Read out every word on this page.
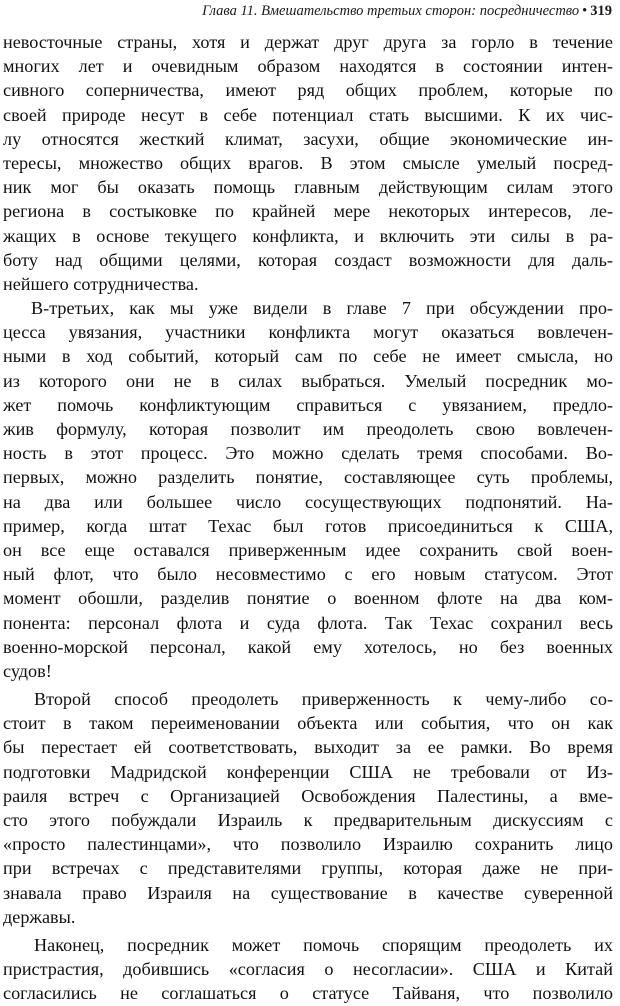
Глава 11. Вмешательство третьих сторон: посредничество • 319
невосточные страны, хотя и держат друг друга за горло в течение
многих лет и очевидным образом находятся в состоянии интен-
сивного соперничества, имеют ряд общих проблем, которые по
своей природе несут в себе потенциал стать высшими. К их чис-
лу относятся жесткий климат, засухи, общие экономические ин-
тересы, множество общих врагов. В этом смысле умелый посред-
ник мог бы оказать помощь главным действующим силам этого
региона в состыковке по крайней мере некоторых интересов, ле-
жащих в основе текущего конфликта, и включить эти силы в ра-
боту над общими целями, которая создаст возможности для даль-
нейшего сотрудничества.
В-третьих, как мы уже видели в главе 7 при обсуждении про-
цесса увязания, участники конфликта могут оказаться вовлечен-
ными в ход событий, который сам по себе не имеет смысла, но
из которого они не в силах выбраться. Умелый посредник мо-
жет помочь конфликтующим справиться с увязанием, предло-
жив формулу, которая позволит им преодолеть свою вовлечен-
ность в этот процесс. Это можно сделать тремя способами. Во-
первых, можно разделить понятие, составляющее суть проблемы,
на два или большее число сосуществующих подпонятий. На-
пример, когда штат Техас был готов присоединиться к США,
он все еще оставался приверженным идее сохранить свой воен-
ный флот, что было несовместимо с его новым статусом. Этот
момент обошли, разделив понятие о военном флоте на два ком-
понента: персонал флота и суда флота. Так Техас сохранил весь
военно-морской персонал, какой ему хотелось, но без военных
судов!
Второй способ преодолеть приверженность к чему-либо со-
стоит в таком переименовании объекта или события, что он как
бы перестает ей соответствовать, выходит за ее рамки. Во время
подготовки Мадридской конференции США не требовали от Из-
раиля встреч с Организацией Освобождения Палестины, а вме-
сто этого побуждали Израиль к предварительным дискуссиям с
«просто палестинцами», что позволило Израилю сохранить лицо
при встречах с представителями группы, которая даже не при-
знавала право Израиля на существование в качестве суверенной
державы.
Наконец, посредник может помочь спорящим преодолеть их
пристрастия, добившись «согласия о несогласии». США и Китай
согласились не соглашаться о статусе Тайваня, что позволило
